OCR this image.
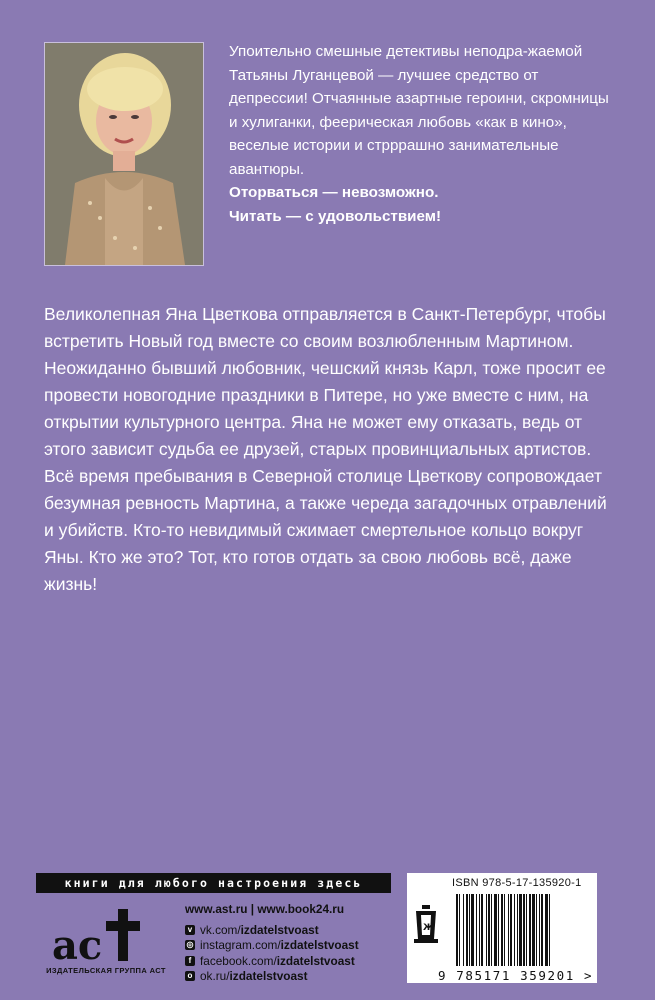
Упоительно смешные детективы неподра-жаемой Татьяны Луганцевой — лучшее средство от депрессии! Отчаянные азартные героини, скромницы и хулиганки, феерическая любовь «как в кино», веселые истории и стрррашно занимательные авантюры.

Оторваться — невозможно.

Читать — с удовольствием!

Великолепная Яна Цветкова отправляется в Санкт-Петербург, чтобы встретить Новый год вместе со своим возлюбленным Мартином. Неожиданно бывший любовник, чешский князь Карл, тоже просит ее провести новогодние праздники в Питере, но уже вместе с ним, на открытии культурного центра. Яна не может ему отказать, ведь от этого зависит судьба ее друзей, старых провинциальных артистов. Всё время пребывания в Северной столице Цветкову сопровождает безумная ревность Мартина, а также череда загадочных отравлений и убийств. Кто-то невидимый сжимает смертельное кольцо вокруг Яны. Кто же это? Тот, кто готов отдать за свою любовь всё, даже жизнь!

книги для любого настроения здесь
ас
ИЗДАТЕЛЬСКАЯ ГРУППА АСТ
www.ast.ru | www.book24.ru
v vk.com/ izdatelstvoast
◎ instagram.com/ izdatelstvoast
f facebook.com/ izdatelstvoast
o ok.ru/ izdatelstvoast
ISBN 978-5-17-135920-1
Ж
9 785171 359201 >
